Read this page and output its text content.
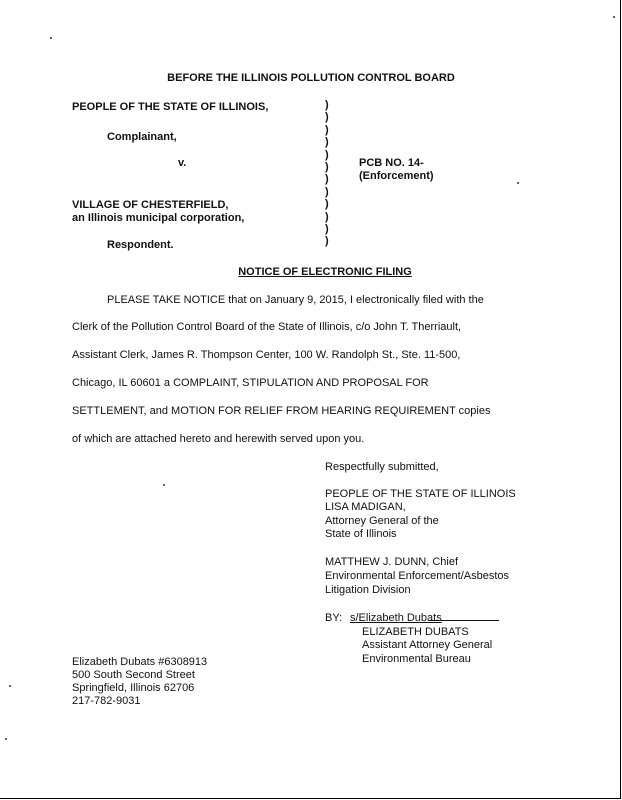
BEFORE THE ILLINOIS POLLUTION CONTROL BOARD
PEOPLE OF THE STATE OF ILLINOIS,
Complainant,
v.
VILLAGE OF CHESTERFIELD,
an Illinois municipal corporation,
Respondent.
)
)
)
)
)
)
)
)
)
)
)
)
PCB NO. 14-
(Enforcement)
NOTICE OF ELECTRONIC FILING
PLEASE TAKE NOTICE that on January 9, 2015, I electronically filed with the
Clerk of the Pollution Control Board of the State of Illinois, c/o John T. Therriault,
Assistant Clerk, James R. Thompson Center, 100 W. Randolph St., Ste. 11-500,
Chicago, IL 60601 a COMPLAINT, STIPULATION AND PROPOSAL FOR
SETTLEMENT, and MOTION FOR RELIEF FROM HEARING REQUIREMENT copies
of which are attached hereto and herewith served upon you.
Respectfully submitted,
PEOPLE OF THE STATE OF ILLINOIS
LISA MADIGAN,
Attorney General of the
State of Illinois
MATTHEW J. DUNN, Chief
Environmental Enforcement/Asbestos
Litigation Division
BY: s/Elizabeth Dubats
ELIZABETH DUBATS
Assistant Attorney General
Environmental Bureau
Elizabeth Dubats #6308913
500 South Second Street
Springfield, Illinois 62706
217-782-9031
